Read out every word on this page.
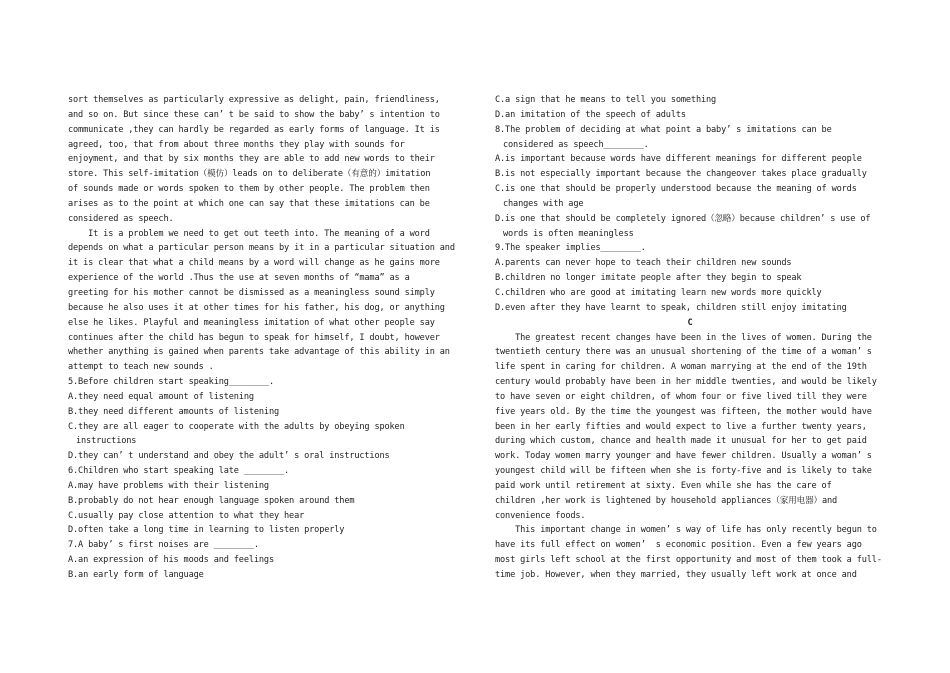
sort themselves as particularly expressive as delight, pain, friendliness,
and so on. But since these can’ t be said to show the baby’ s intention to
communicate ,they can hardly be regarded as early forms of language. It is
agreed, too, that from about three months they play with sounds for
enjoyment, and that by six months they are able to add new words to their
store. This self-imitation（模仿）leads on to deliberate（有意的）imitation
of sounds made or words spoken to them by other people. The problem then
arises as to the point at which one can say that these imitations can be
considered as speech.
It is a problem we need to get out teeth into. The meaning of a word
depends on what a particular person means by it in a particular situation and
it is clear that what a child means by a word will change as he gains more
experience of the world .Thus the use at seven months of “mama” as a
greeting for his mother cannot be dismissed as a meaningless sound simply
because he also uses it at other times for his father, his dog, or anything
else he likes. Playful and meaningless imitation of what other people say
continues after the child has begun to speak for himself, I doubt, however
whether anything is gained when parents take advantage of this ability in an
attempt to teach new sounds .
5.Before children start speaking________.
A.they need equal amount of listening
B.they need different amounts of listening
C.they are all eager to cooperate with the adults by obeying spoken
instructions
D.they can’ t understand and obey the adult’ s oral instructions
6.Children who start speaking late ________.
A.may have problems with their listening
B.probably do not hear enough language spoken around them
C.usually pay close attention to what they hear
D.often take a long time in learning to listen properly
7.A baby’ s first noises are ________.
A.an expression of his moods and feelings
B.an early form of language
C.a sign that he means to tell you something
D.an imitation of the speech of adults
8.The problem of deciding at what point a baby’ s imitations can be
considered as speech________.
A.is important because words have different meanings for different people
B.is not especially important because the changeover takes place gradually
C.is one that should be properly understood because the meaning of words
changes with age
D.is one that should be completely ignored（忽略）because children’ s use of
words is often meaningless
9.The speaker implies________.
A.parents can never hope to teach their children new sounds
B.children no longer imitate people after they begin to speak
C.children who are good at imitating learn new words more quickly
D.even after they have learnt to speak, children still enjoy imitating
C
The greatest recent changes have been in the lives of women. During the
twentieth century there was an unusual shortening of the time of a woman’ s
life spent in caring for children. A woman marrying at the end of the 19th
century would probably have been in her middle twenties, and would be likely
to have seven or eight children, of whom four or five lived till they were
five years old. By the time the youngest was fifteen, the mother would have
been in her early fifties and would expect to live a further twenty years,
during which custom, chance and health made it unusual for her to get paid
work. Today women marry younger and have fewer children. Usually a woman’ s
youngest child will be fifteen when she is forty-five and is likely to take
paid work until retirement at sixty. Even while she has the care of
children ,her work is lightened by household appliances（家用电器）and
convenience foods.
This important change in women’ s way of life has only recently begun to
have its full effect on women’  s economic position. Even a few years ago
most girls left school at the first opportunity and most of them took a full-
time job. However, when they married, they usually left work at once and
